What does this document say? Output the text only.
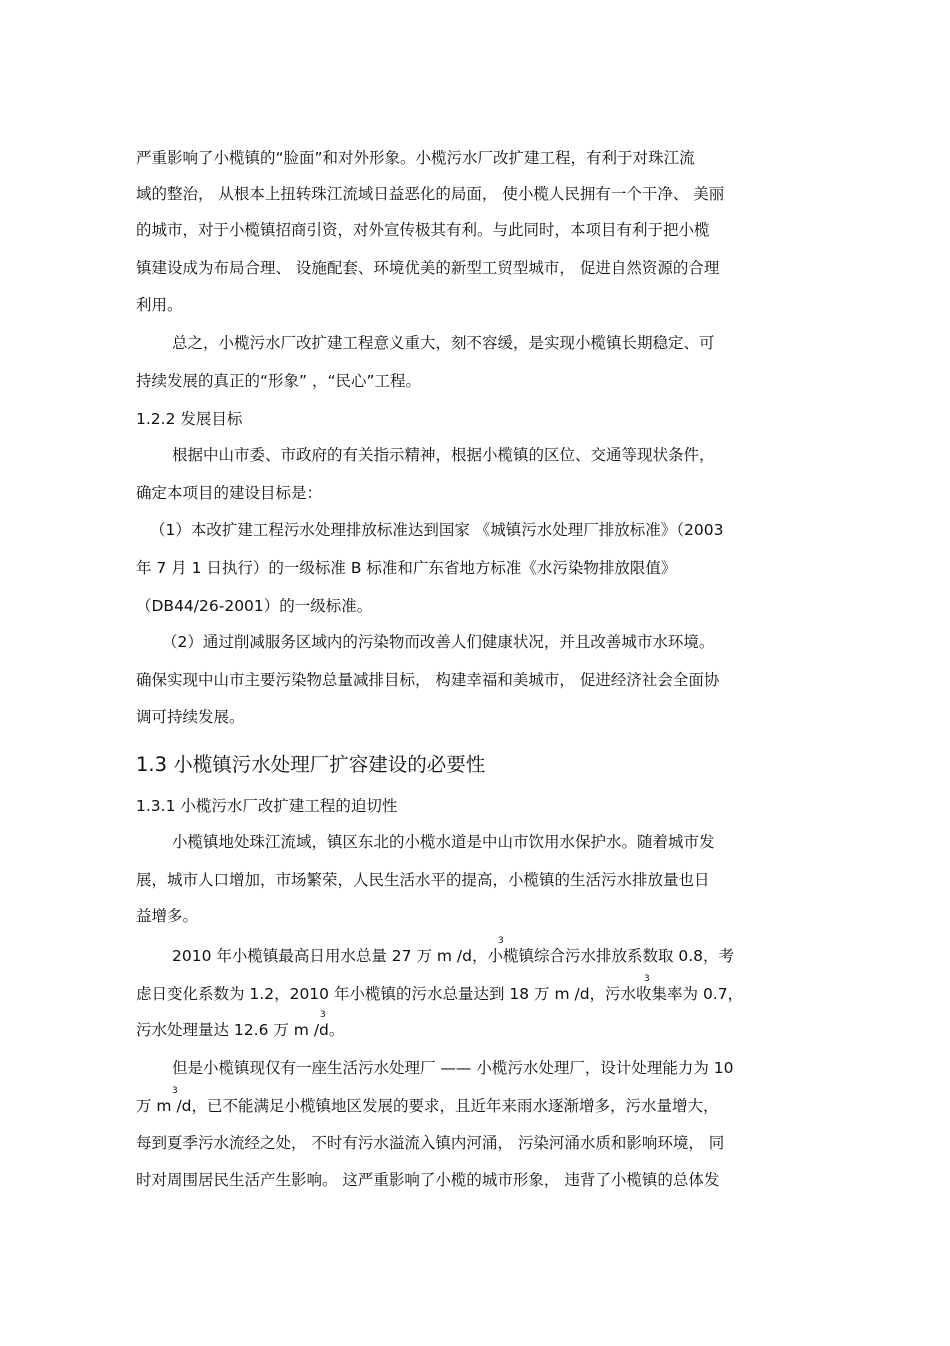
严重影响了小榄镇的“脸面”和对外形象。小榄污水厂改扩建工程，有利于对珠江流
域的整治， 从根本上扭转珠江流域日益恶化的局面， 使小榄人民拥有一个干净、 美丽
的城市，对于小榄镇招商引资，对外宣传极其有利。与此同时，本项目有利于把小榄
镇建设成为布局合理、 设施配套、环境优美的新型工贸型城市， 促进自然资源的合理
利用。
总之，小榄污水厂改扩建工程意义重大，刻不容缓，是实现小榄镇长期稳定、可
持续发展的真正的“形象” ，“民心”工程。
1.2.2 发展目标
根据中山市委、市政府的有关指示精神，根据小榄镇的区位、交通等现状条件，
确定本项目的建设目标是：
（1）本改扩建工程污水处理排放标准达到国家 《城镇污水处理厂排放标准》（2003
年 7 月 1 日执行）的一级标准 B 标准和广东省地方标准《水污染物排放限值》
（DB44/26-2001）的一级标准。
（2）通过削减服务区域内的污染物而改善人们健康状况，并且改善城市水环境。
确保实现中山市主要污染物总量减排目标， 构建幸福和美城市， 促进经济社会全面协
调可持续发展。
1.3 小榄镇污水处理厂扩容建设的必要性
1.3.1 小榄污水厂改扩建工程的迫切性
小榄镇地处珠江流域，镇区东北的小榄水道是中山市饮用水保护水。随着城市发
展，城市人口增加，市场繁荣，人民生活水平的提高，小榄镇的生活污水排放量也日
益增多。
2010 年小榄镇最高日用水总量 27 万 m /d，小榄镇综合污水排放系数取 0.8，考
虑日变化系数为 1.2，2010 年小榄镇的污水总量达到 18 万 m /d，污水收集率为 0.7，
污水处理量达 12.6 万 m /d。
但是小榄镇现仅有一座生活污水处理厂 —— 小榄污水处理厂，设计处理能力为 10
万 m /d，已不能满足小榄镇地区发展的要求，且近年来雨水逐渐增多，污水量增大，
每到夏季污水流经之处， 不时有污水溢流入镇内河涌， 污染河涌水质和影响环境， 同
时对周围居民生活产生影响。 这严重影响了小榄的城市形象， 违背了小榄镇的总体发
3
3
3
3
